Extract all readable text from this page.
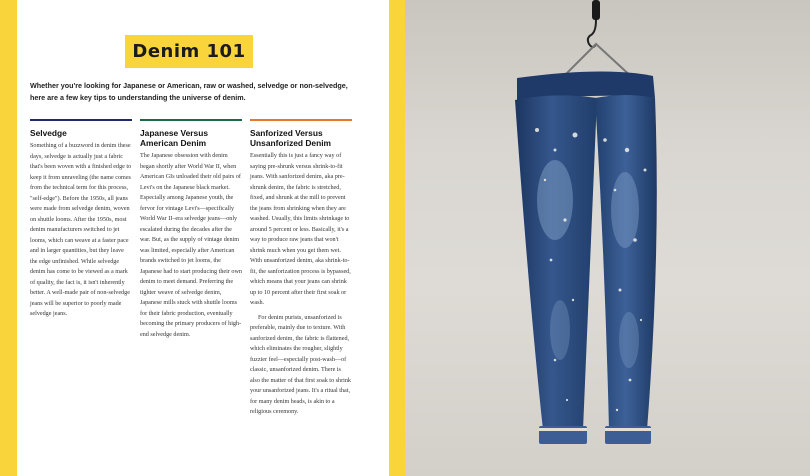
Denim 101
Whether you're looking for Japanese or American, raw or washed, selvedge or non-selvedge, here are a few key tips to understanding the universe of denim.
Selvedge

Something of a buzzword in denim these days, selvedge is actually just a fabric that's been woven with a finished edge to keep it from unraveling (the name comes from the technical term for this process, "self-edge"). Before the 1950s, all jeans were made from selvedge denim, woven on shuttle looms. After the 1950s, most denim manufacturers switched to jet looms, which can weave at a faster pace and in larger quantities, but they leave the edge unfinished. While selvedge denim has come to be viewed as a mark of quality, the fact is, it isn't inherently better. A well-made pair of non-selvedge jeans will be superior to poorly made selvedge jeans.

Japanese Versus American Denim

The Japanese obsession with denim began shortly after World War II, when American GIs unloaded their old pairs of Levi's on the Japanese black market. Especially among Japanese youth, the fervor for vintage Levi's—specifically World War II–era selvedge jeans—only escalated during the decades after the war. But, as the supply of vintage denim was limited, especially after American brands switched to jet looms, the Japanese had to start producing their own denim to meet demand. Preferring the tighter weave of selvedge denim, Japanese mills stuck with shuttle looms for their fabric production, eventually becoming the primary producers of high-end selvedge denim.

Sanforized Versus Unsanforized Denim

Essentially this is just a fancy way of saying pre-shrunk versus shrink-to-fit jeans. With sanforized denim, aka pre-shrunk denim, the fabric is stretched, fixed, and shrunk at the mill to prevent the jeans from shrinking when they are washed. Usually, this limits shrinkage to around 5 percent or less. Basically, it's a way to produce raw jeans that won't shrink much when you get them wet. With unsanforized denim, aka shrink-to-fit, the sanforization process is bypassed, which means that your jeans can shrink up to 10 percent after their first soak or wash.

For denim purists, unsanforized is preferable, mainly due to texture. With sanforized denim, the fabric is flattened, which eliminates the rougher, slightly fuzzier feel—especially post-wash—of classic, unsanforized denim. There is also the matter of that first soak to shrink your unsanforized jeans. It's a ritual that, for many denim heads, is akin to a religious ceremony.
